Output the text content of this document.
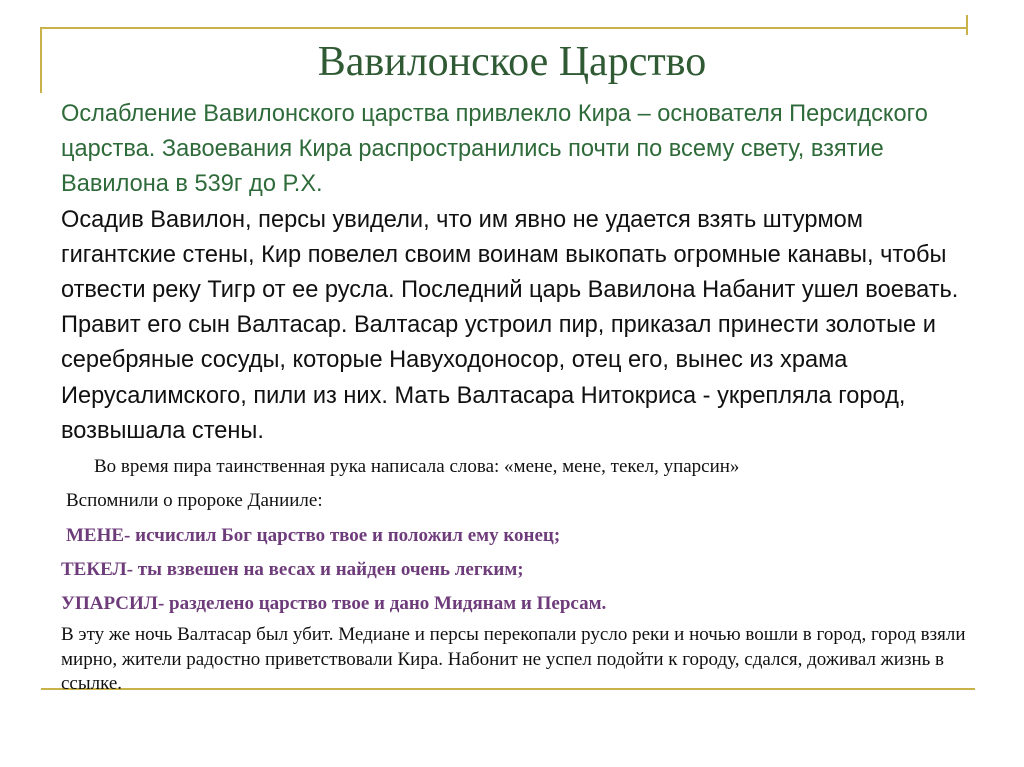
Вавилонское Царство

Ослабление Вавилонского царства привлекло Кира – основателя Персидского царства. Завоевания Кира распространились почти по всему свету, взятие Вавилона в 539г до Р.Х.

Осадив Вавилон, персы увидели, что им явно не удается взять штурмом гигантские стены, Кир повелел своим воинам выкопать огромные канавы, чтобы отвести реку Тигр от ее русла. Последний царь Вавилона Набанит ушел воевать. Правит его сын Валтасар. Валтасар устроил пир, приказал принести золотые и серебряные сосуды, которые Навуходоносор, отец его, вынес из храма Иерусалимского, пили из них. Мать Валтасара Нитокриса - укрепляла город, возвышала стены.

Во время пира таинственная рука написала слова: «мене, мене, текел, упарсин»

Вспомнили о пророке Данииле:

МЕНЕ- исчислил Бог царство твое и положил ему конец;

ТЕКЕЛ- ты взвешен на весах и найден очень легким;

УПАРСИЛ- разделено царство твое и дано Мидянам и Персам.

В эту же ночь Валтасар был убит. Медиане и персы перекопали русло реки и ночью вошли в город, город взяли мирно, жители радостно приветствовали Кира. Набонит не успел подойти к городу, сдался, доживал жизнь в ссылке.
